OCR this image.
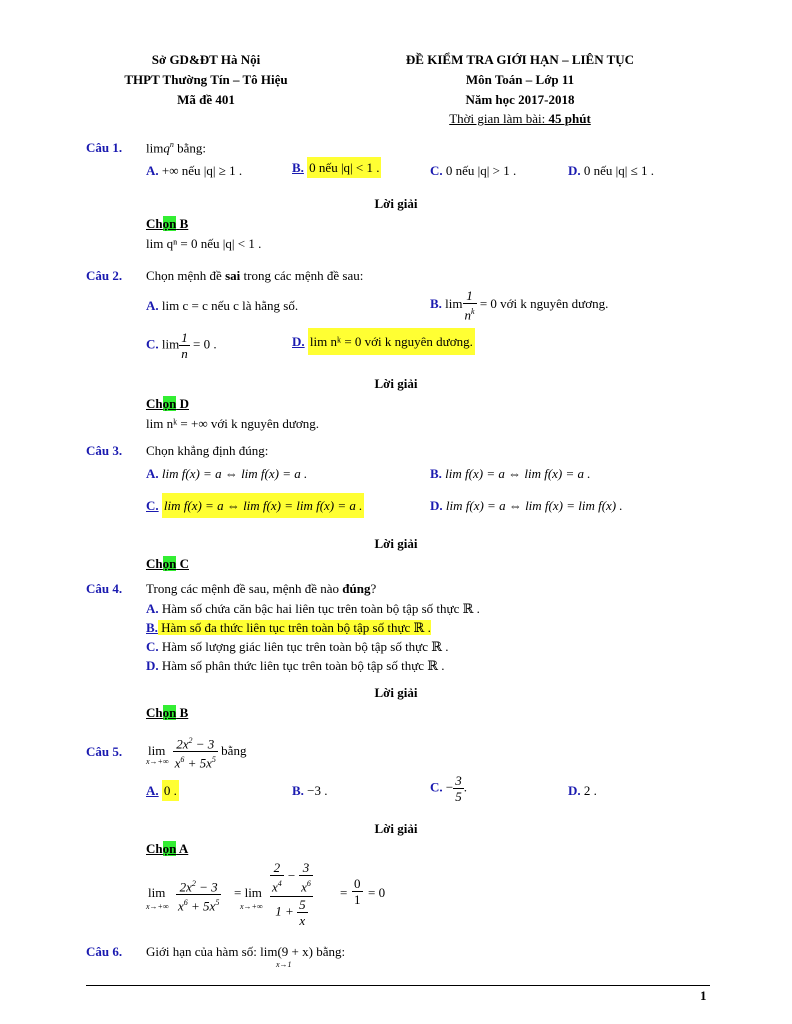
Sở GD&ĐT Hà Nội
THPT Thường Tín – Tô Hiệu
Mã đề 401
ĐỀ KIỂM TRA GIỚI HẠN – LIÊN TỤC
Môn Toán – Lớp 11
Năm học 2017-2018
Thời gian làm bài: 45 phút
Câu 1. limq$^n$ bằng:
A. +∞ nếu |q| ≥ 1 .	B. 0 nếu |q| < 1 .	C. 0 nếu |q| > 1 .	D. 0 nếu |q| ≤ 1 .
Lời giải
Chọn B
lim qⁿ = 0 nếu |q| < 1 .
Câu 2. Chọn mệnh đề sai trong các mệnh đề sau:
A. lim c = c nếu c là hằng số.	B. $\lim \frac{1}{n^k} = 0$ với k nguyên dương.
C. $\lim \frac{1}{n} = 0$ .	D. lim nᵏ = 0 với k nguyên dương.
Lời giải
Chọn D
lim nᵏ = +∞ với k nguyên dương.
Câu 3. Chọn khẳng định đúng:
A. lim f(x) = a ⇔ lim f(x) = a .	B. lim f(x) = a ⇔ lim f(x) = a .
C. lim f(x) = a ⇔ lim f(x) = lim f(x) = a .	D. lim f(x) = a ⇔ lim f(x) = lim f(x) .
Lời giải
Chọn C
Câu 4. Trong các mệnh đề sau, mệnh đề nào đúng?
A. Hàm số chứa căn bậc hai liên tục trên toàn bộ tập số thực ℝ .
B. Hàm số đa thức liên tục trên toàn bộ tập số thực ℝ .
C. Hàm số lượng giác liên tục trên toàn bộ tập số thực ℝ .
D. Hàm số phân thức liên tục trên toàn bộ tập số thực ℝ .
Lời giải
Chọn B
Câu 5. lim
x→+∞
$\frac{2x^2 - 3}{x^6 + 5x^5}$ bằng
A. 0 .	B. −3 .	C. − $\frac{3}{5}$ .	D. 2 .
Lời giải
Chọn A
lim
$x\to+\infty \frac{2x^2 - 3}{x^6 + 5x^5} = \lim$
x→+∞
$\frac{2}{x^4} - \frac{3}{x^6}$
$1 + \frac{5}{x}$
= $\frac{0}{1} = 0$
Câu 6. Giới hạn của hàm số: lim(9 + x) bằng:
x→1
1
